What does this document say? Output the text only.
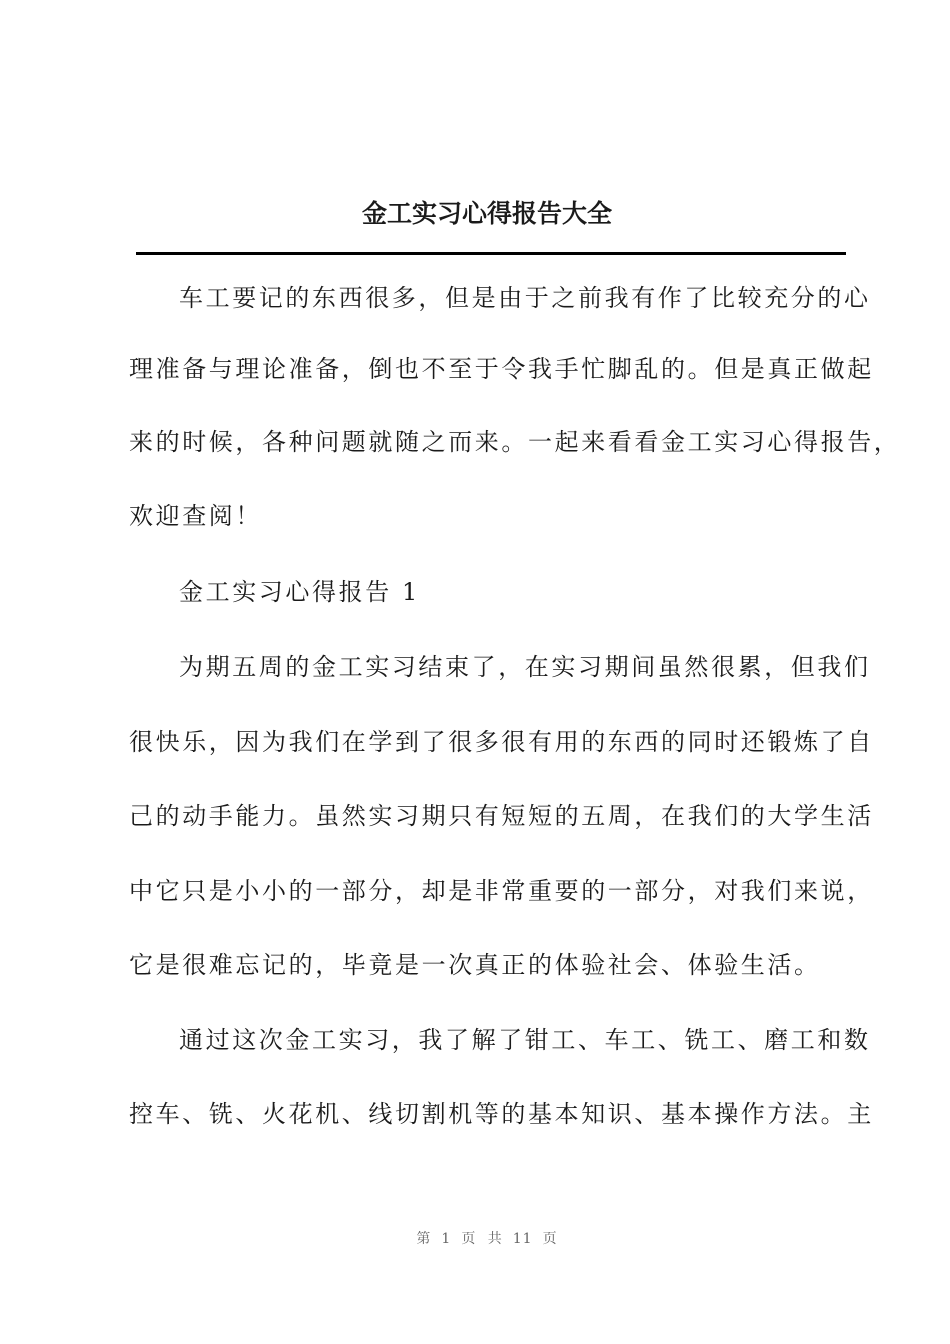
金工实习心得报告大全
车工要记的东西很多，但是由于之前我有作了比较充分的心
理准备与理论准备，倒也不至于令我手忙脚乱的。但是真正做起
来的时候，各种问题就随之而来。一起来看看金工实习心得报告，
欢迎查阅！
金工实习心得报告 1
为期五周的金工实习结束了，在实习期间虽然很累，但我们
很快乐，因为我们在学到了很多很有用的东西的同时还锻炼了自
己的动手能力。虽然实习期只有短短的五周，在我们的大学生活
中它只是小小的一部分，却是非常重要的一部分，对我们来说，
它是很难忘记的，毕竟是一次真正的体验社会、体验生活。
通过这次金工实习，我了解了钳工、车工、铣工、磨工和数
控车、铣、火花机、线切割机等的基本知识、基本操作方法。主
第 1 页 共 11 页
